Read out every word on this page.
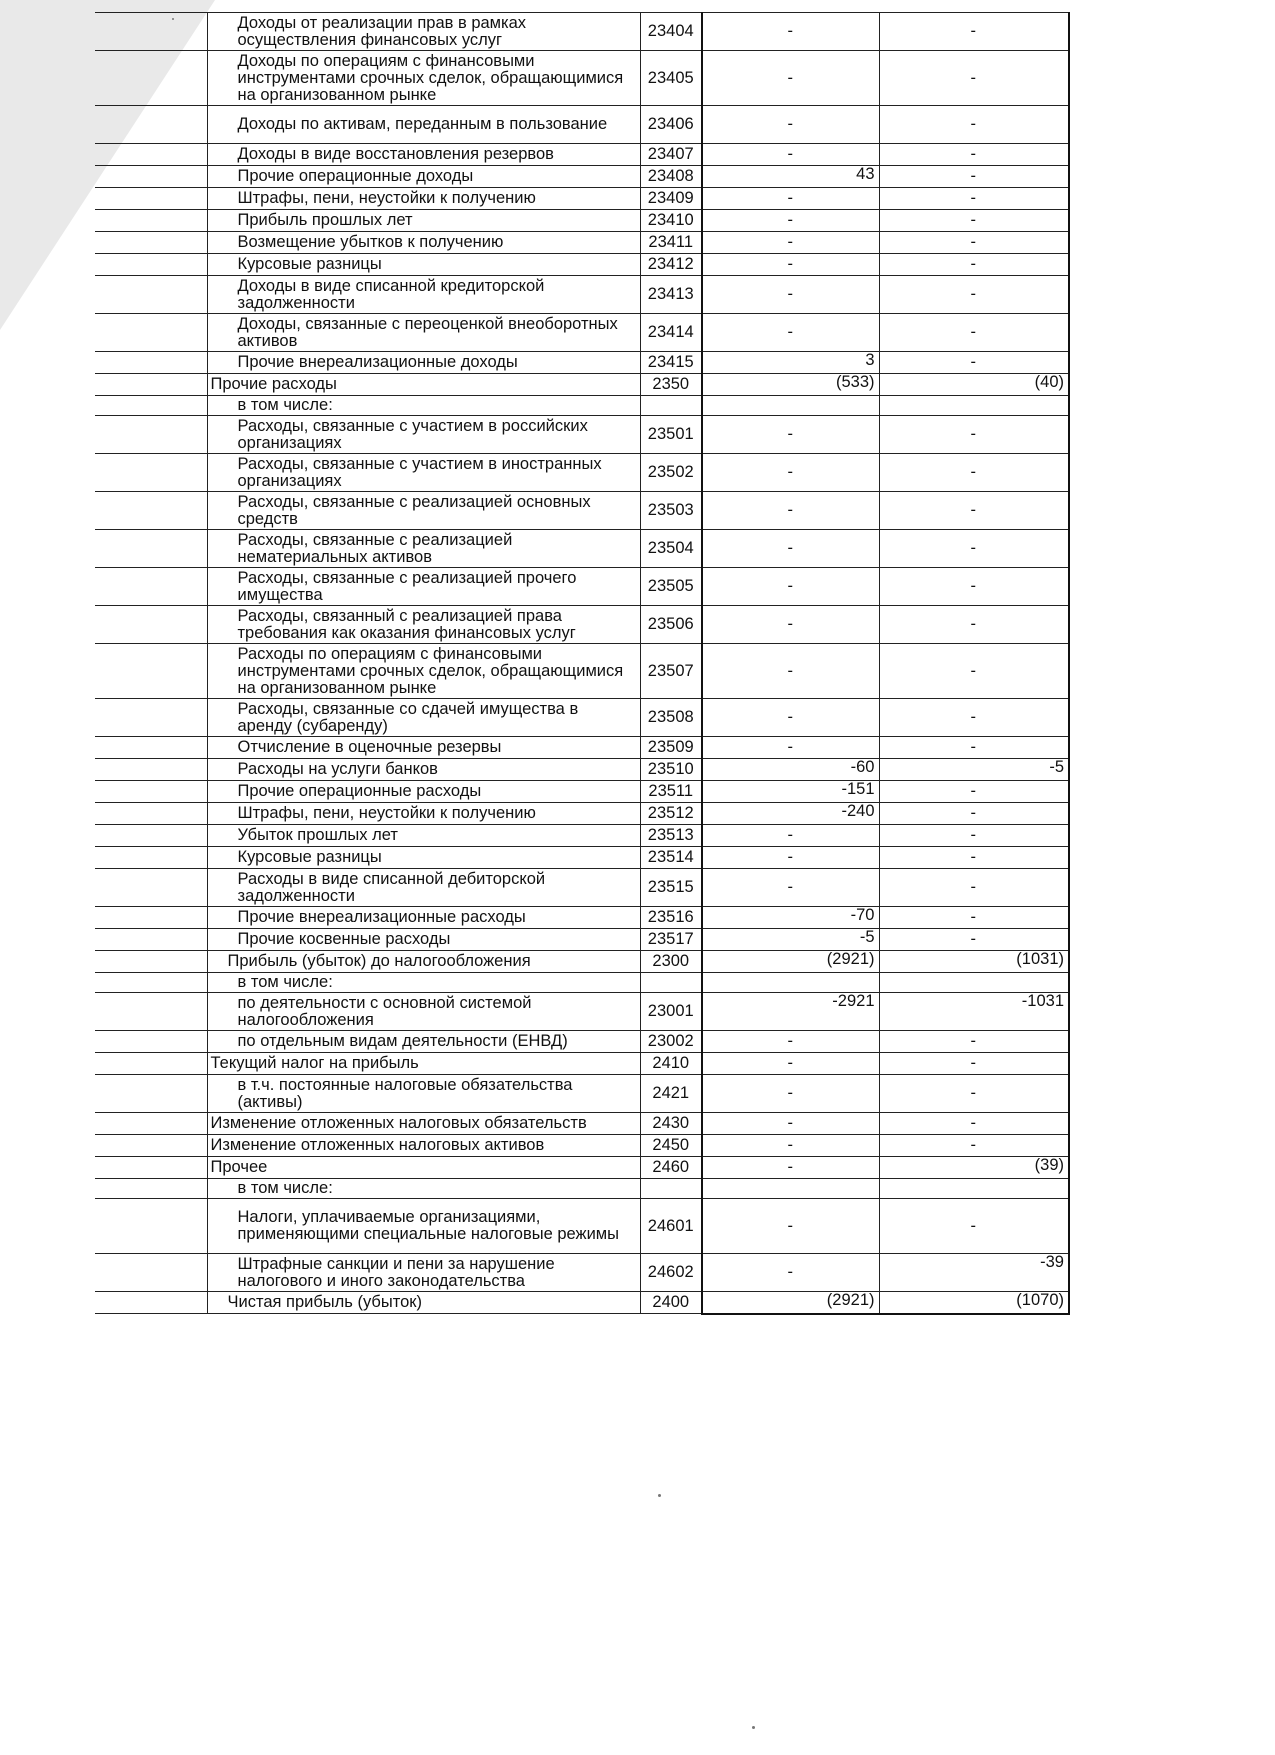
	Доходы от реализации прав в рамках осуществления финансовых услуг	23404	-	-
	Доходы по операциям с финансовыми инструментами срочных сделок, обращающимися на организованном рынке	23405	-	-
	Доходы по активам, переданным в пользование	23406	-	-
	Доходы в виде восстановления резервов	23407	-	-
	Прочие операционные доходы	23408	43	-
	Штрафы, пени, неустойки к получению	23409	-	-
	Прибыль прошлых лет	23410	-	-
	Возмещение убытков к получению	23411	-	-
	Курсовые разницы	23412	-	-
	Доходы в виде списанной кредиторской задолженности	23413	-	-
	Доходы, связанные с переоценкой внеоборотных активов	23414	-	-
	Прочие внереализационные доходы	23415	3	-
	Прочие расходы	2350	(533)	(40)
	в том числе:			
	Расходы, связанные с участием в российских организациях	23501	-	-
	Расходы, связанные с участием в иностранных организациях	23502	-	-
	Расходы, связанные с реализацией основных средств	23503	-	-
	Расходы, связанные с реализацией нематериальных активов	23504	-	-
	Расходы, связанные с реализацией прочего имущества	23505	-	-
	Расходы, связанный с реализацией права требования как оказания финансовых услуг	23506	-	-
	Расходы по операциям с финансовыми инструментами срочных сделок, обращающимися на организованном рынке	23507	-	-
	Расходы, связанные со сдачей имущества в аренду (субаренду)	23508	-	-
	Отчисление в оценочные резервы	23509	-	-
	Расходы на услуги банков	23510	-60	-5
	Прочие операционные расходы	23511	-151	-
	Штрафы, пени, неустойки к получению	23512	-240	-
	Убыток прошлых лет	23513	-	-
	Курсовые разницы	23514	-	-
	Расходы в виде списанной дебиторской задолженности	23515	-	-
	Прочие внереализационные расходы	23516	-70	-
	Прочие косвенные расходы	23517	-5	-
	Прибыль (убыток) до налогообложения	2300	(2921)	(1031)
	в том числе:			
	по деятельности с основной системой налогообложения	23001	-2921	-1031
	по отдельным видам деятельности (ЕНВД)	23002	-	-
	Текущий налог на прибыль	2410	-	-
	в т.ч. постоянные налоговые обязательства (активы)	2421	-	-
	Изменение отложенных налоговых обязательств	2430	-	-
	Изменение отложенных налоговых активов	2450	-	-
	Прочее	2460	-	(39)
	в том числе:			
	Налоги, уплачиваемые организациями, применяющими специальные налоговые режимы	24601	-	-
	Штрафные санкции и пени за нарушение налогового и иного законодательства	24602	-	-39
	Чистая прибыль (убыток)	2400	(2921)	(1070)
